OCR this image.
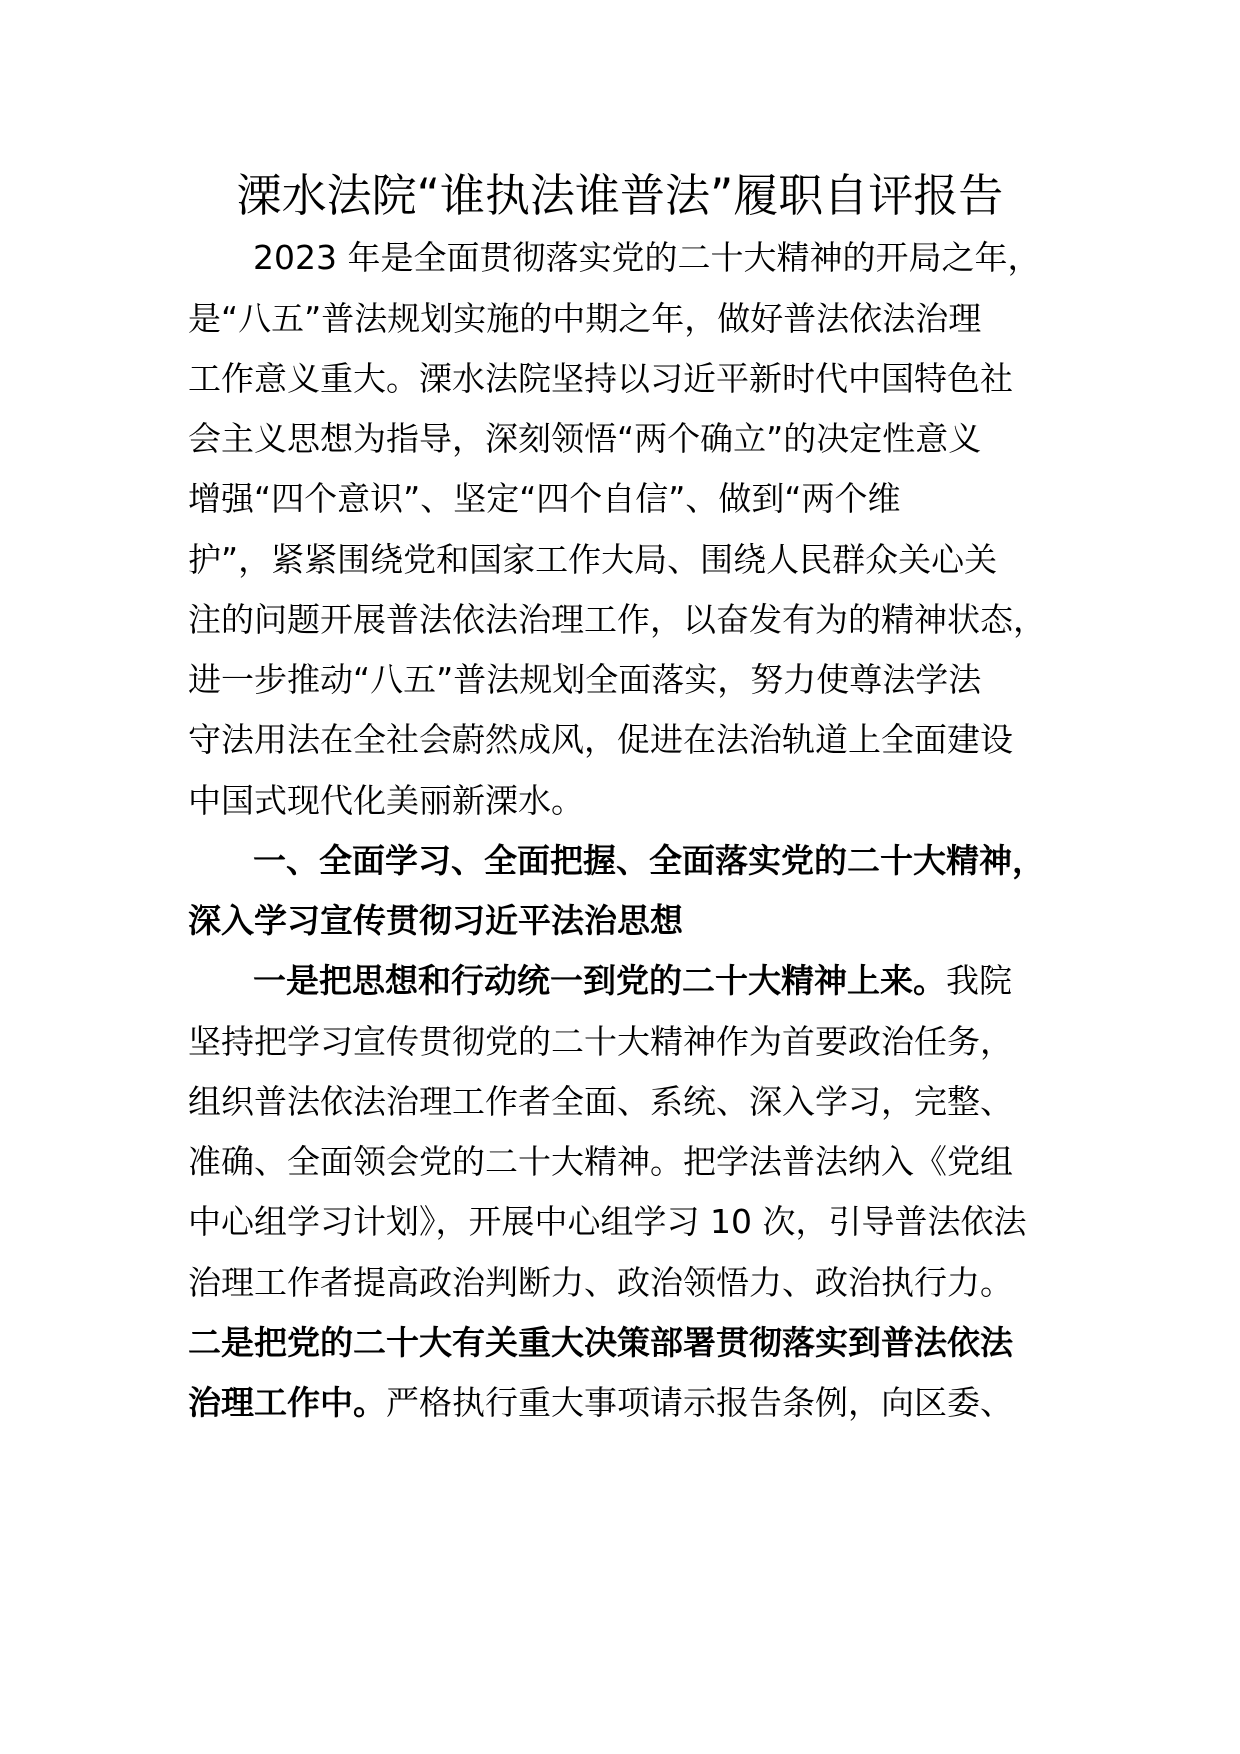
溧水法院“谁执法谁普法”履职自评报告

2023 年是全面贯彻落实党的二十大精神的开局之年，

是“八五”普法规划实施的中期之年，做好普法依法治理

工作意义重大。溧水法院坚持以习近平新时代中国特色社

会主义思想为指导，深刻领悟“两个确立”的决定性意义

增强“四个意识”、坚定“四个自信”、做到“两个维

护”，紧紧围绕党和国家工作大局、围绕人民群众关心关

注的问题开展普法依法治理工作，以奋发有为的精神状态，

进一步推动“八五”普法规划全面落实，努力使尊法学法

守法用法在全社会蔚然成风，促进在法治轨道上全面建设

中国式现代化美丽新溧水。

一、全面学习、全面把握、全面落实党的二十大精神，

深入学习宣传贯彻习近平法治思想

一是把思想和行动统一到党的二十大精神上来。我院

坚持把学习宣传贯彻党的二十大精神作为首要政治任务，

组织普法依法治理工作者全面、系统、深入学习，完整、

准确、全面领会党的二十大精神。把学法普法纳入《党组

中心组学习计划》，开展中心组学习 10 次，引导普法依法

治理工作者提高政治判断力、政治领悟力、政治执行力。

二是把党的二十大有关重大决策部署贯彻落实到普法依法

治理工作中。严格执行重大事项请示报告条例，向区委、
